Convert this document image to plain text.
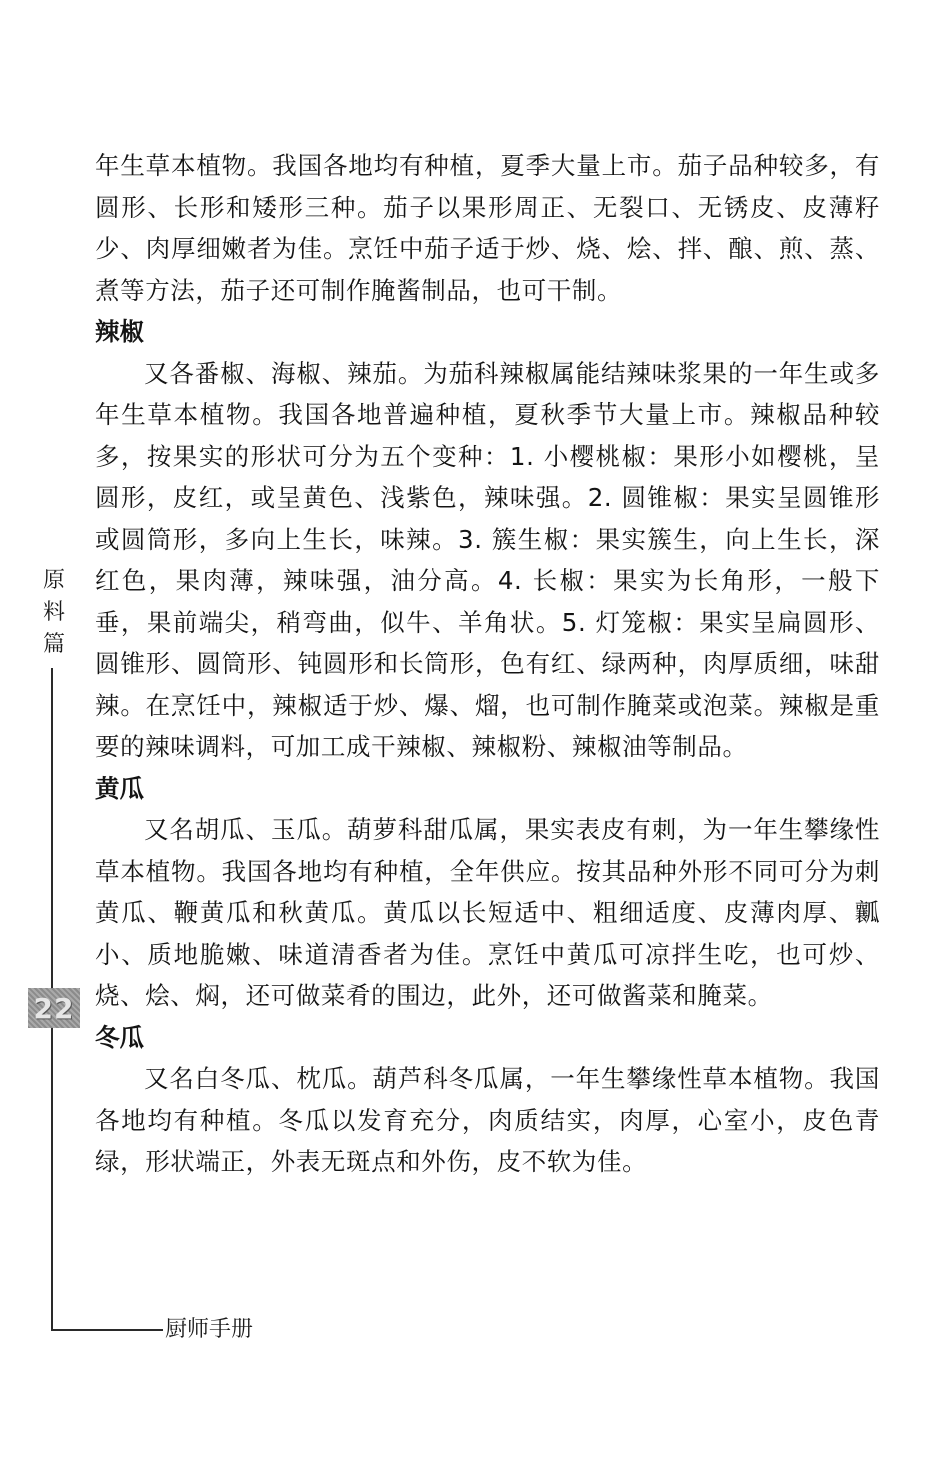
年生草本植物。我国各地均有种植，夏季大量上市。茄子品种较多，有圆形、长形和矮形三种。茄子以果形周正、无裂口、无锈皮、皮薄籽少、肉厚细嫩者为佳。烹饪中茄子适于炒、烧、烩、拌、酿、煎、蒸、煮等方法，茄子还可制作腌酱制品，也可干制。

辣椒

又各番椒、海椒、辣茄。为茄科辣椒属能结辣味浆果的一年生或多年生草本植物。我国各地普遍种植，夏秋季节大量上市。辣椒品种较多，按果实的形状可分为五个变种：1. 小樱桃椒：果形小如樱桃，呈圆形，皮红，或呈黄色、浅紫色，辣味强。2. 圆锥椒：果实呈圆锥形或圆筒形，多向上生长，味辣。3. 簇生椒：果实簇生，向上生长，深红色，果肉薄，辣味强，油分高。4. 长椒：果实为长角形，一般下垂，果前端尖，稍弯曲，似牛、羊角状。5. 灯笼椒：果实呈扁圆形、圆锥形、圆筒形、钝圆形和长筒形，色有红、绿两种，肉厚质细，味甜辣。在烹饪中，辣椒适于炒、爆、熘，也可制作腌菜或泡菜。辣椒是重要的辣味调料，可加工成干辣椒、辣椒粉、辣椒油等制品。

黄瓜

又名胡瓜、玉瓜。葫萝科甜瓜属，果实表皮有刺，为一年生攀缘性草本植物。我国各地均有种植，全年供应。按其品种外形不同可分为刺黄瓜、鞭黄瓜和秋黄瓜。黄瓜以长短适中、粗细适度、皮薄肉厚、瓤小、质地脆嫩、味道清香者为佳。烹饪中黄瓜可凉拌生吃，也可炒、烧、烩、焖，还可做菜肴的围边，此外，还可做酱菜和腌菜。

冬瓜

又名白冬瓜、枕瓜。葫芦科冬瓜属，一年生攀缘性草本植物。我国各地均有种植。冬瓜以发育充分，肉质结实，肉厚，心室小，皮色青绿，形状端正，外表无斑点和外伤，皮不软为佳。

原料篇
22
厨师手册
